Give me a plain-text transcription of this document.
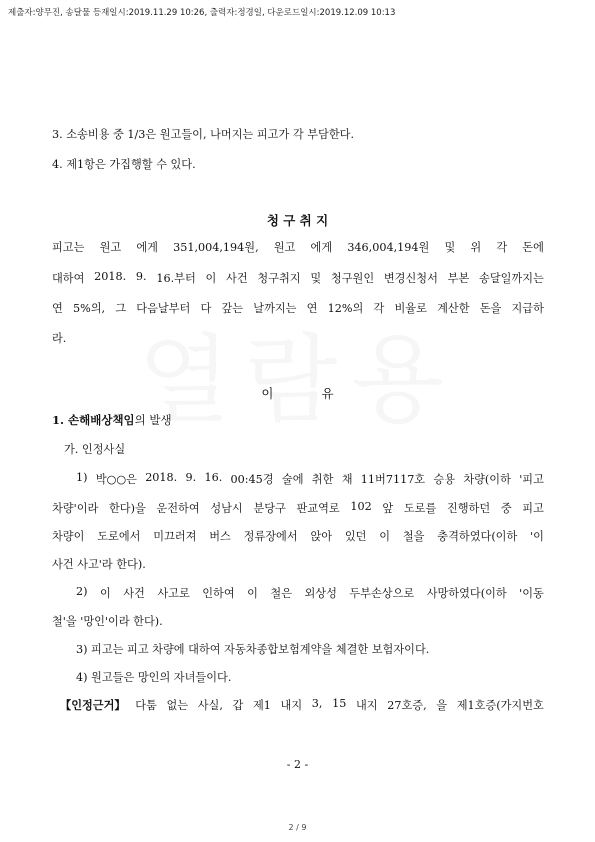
제출자:양무진, 송달물 등재일시:2019.11.29 10:26, 출력자:정경일, 다운로드일시:2019.12.09 10:13
3. 소송비용 중 1/3은 원고들이, 나머지는 피고가 각 부담한다.
4. 제1항은 가집행할 수 있다.
청 구 취 지
피고는 원고 에게 351,004,194원, 원고 에게 346,004,194원 및 위 각 돈에
대하여 2018. 9. 16.부터 이 사건 청구취지 및 청구원인 변경신청서 부본 송달일까지는
연 5%의, 그 다음날부터 다 갚는 날까지는 연 12%의 각 비율로 계산한 돈을 지급하
라.
이	유
1. 손해배상책임의 발생
가. 인정사실
1) 박○○은 2018. 9. 16. 00:45경 술에 취한 채 11버7117호 승용 차량(이하 '피고
차량'이라 한다)을 운전하여 성남시 분당구 판교역로 102 앞 도로를 진행하던 중 피고
차량이 도로에서 미끄러져 버스 정류장에서 앉아 있던 이 철을 충격하였다(이하 '이
사건 사고'라 한다).
2) 이 사건 사고로 인하여 이 철은 외상성 두부손상으로 사망하였다(이하 '이동
철'을 '망인'이라 한다).
3) 피고는 피고 차량에 대하여 자동차종합보험계약을 체결한 보험자이다.
4) 원고들은 망인의 자녀들이다.
【인정근거】 다툼 없는 사실, 갑 제1 내지 3, 15 내지 27호증, 을 제1호증(가지번호
- 2 -
2 / 9
